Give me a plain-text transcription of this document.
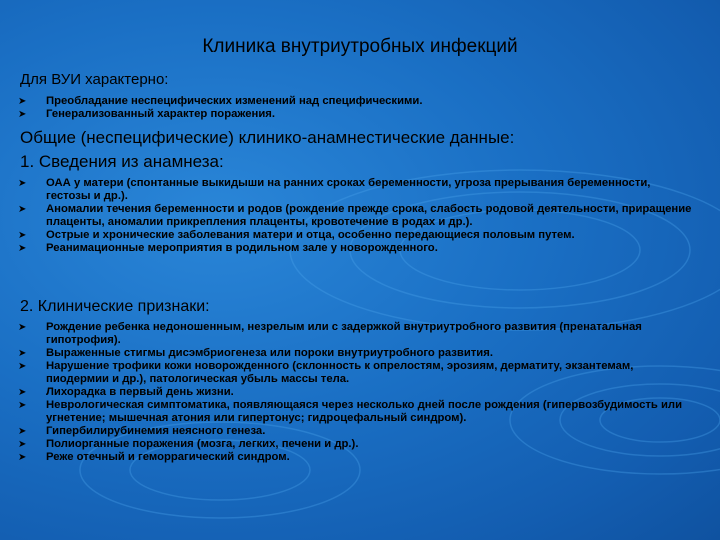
Клиника внутриутробных инфекций
Для ВУИ характерно:
➤ Преобладание неспецифических изменений над специфическими.
➤ Генерализованный характер поражения.
Общие (неспецифические) клинико-анамнестические данные:
1. Сведения из анамнеза:
➤ ОАА у матери (спонтанные выкидыши на ранних сроках беременности, угроза прерывания беременности, гестозы и др.).
➤ Аномалии течения беременности и родов (рождение прежде срока, слабость родовой деятельности, приращение плаценты, аномалии прикрепления плаценты, кровотечение в родах и др.).
➤ Острые и хронические заболевания матери и отца, особенно передающиеся половым путем.
➤ Реанимационные мероприятия в родильном зале у новорожденного.
2. Клинические признаки:
➤ Рождение ребенка недоношенным, незрелым или с задержкой внутриутробного развития (пренатальная гипотрофия).
➤ Выраженные стигмы дисэмбриогенеза или пороки внутриутробного развития.
➤ Нарушение трофики кожи новорожденного (склонность к опрелостям, эрозиям, дерматиту, экзантемам, пиодермии и др.), патологическая убыль массы тела.
➤ Лихорадка в первый день жизни.
➤ Неврологическая симптоматика, появляющаяся через несколько дней после рождения (гипервозбудимость или угнетение; мышечная атония или гипертонус; гидроцефальный синдром).
➤ Гипербилирубинемия неясного генеза.
➤ Полиорганные поражения (мозга, легких, печени и др.).
➤ Реже отечный и геморрагический синдром.
